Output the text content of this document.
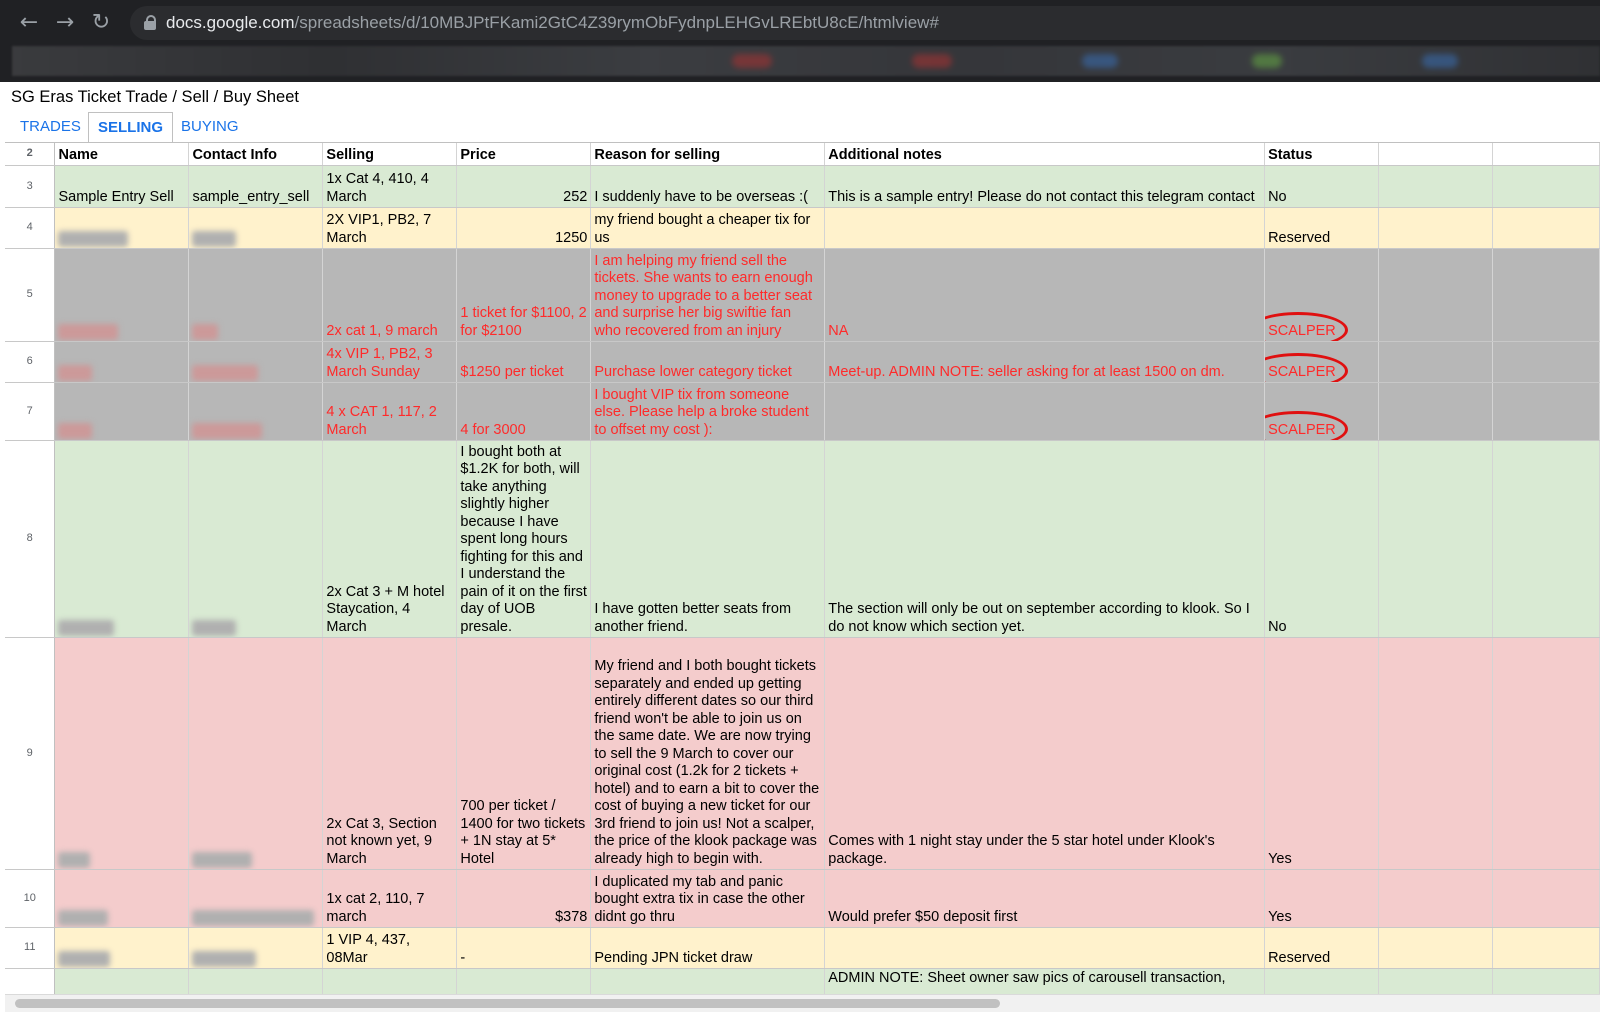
← → ↻	docs.google.com/spreadsheets/d/10MBJPtFKami2GtC4Z39rymObFydnpLEHGvLREbtU8cE/htmlview#
SG Eras Ticket Trade / Sell / Buy Sheet
TRADES	SELLING	BUYING
2	Name	Contact Info	Selling	Price	Reason for selling	Additional notes	Status		
3	Sample Entry Sell	sample_entry_sell	1x Cat 4, 410, 4 March	252	I suddenly have to be overseas :(	This is a sample entry! Please do not contact this telegram contact	No		
4			2X VIP1, PB2, 7 March	1250	my friend bought a cheaper tix for us		Reserved		
5			2x cat 1, 9 march	1 ticket for $1100, 2 for $2100	I am helping my friend sell the tickets. She wants to earn enough money to upgrade to a better seat and surprise her big swiftie fan who recovered from an injury	NA	SCALPER

6			4x VIP 1, PB2, 3 March Sunday	$1250 per ticket	Purchase lower category ticket	Meet-up. ADMIN NOTE: seller asking for at least 1500 on dm.	SCALPER

7			4 x CAT 1, 117, 2 March	4 for 3000	I bought VIP tix from someone else. Please help a broke student to offset my cost ):		SCALPER

8			2x Cat 3 + M hotel Staycation, 4 March	I bought both at $1.2K for both, will take anything slightly higher because I have spent long hours fighting for this and I understand the pain of it on the first day of UOB presale.	I have gotten better seats from another friend.	The section will only be out on september according to klook. So I do not know which section yet.	No		
9			2x Cat 3, Section not known yet, 9 March	700 per ticket / 1400 for two tickets + 1N stay at 5* Hotel	My friend and I both bought tickets separately and ended up getting entirely different dates so our third friend won't be able to join us on the same date. We are now trying to sell the 9 March to cover our original cost (1.2k for 2 tickets + hotel) and to earn a bit to cover the cost of buying a new ticket for our 3rd friend to join us! Not a scalper, the price of the klook package was already high to begin with.	Comes with 1 night stay under the 5 star hotel under Klook's package.	Yes		
10			1x cat 2, 110, 7 march	$378	I duplicated my tab and panic bought extra tix in case the other didnt go thru	Would prefer $50 deposit first	Yes		
11			1 VIP 4, 437, 08Mar	-	Pending JPN ticket draw		Reserved		
						ADMIN NOTE: Sheet owner saw pics of carousell transaction,			
